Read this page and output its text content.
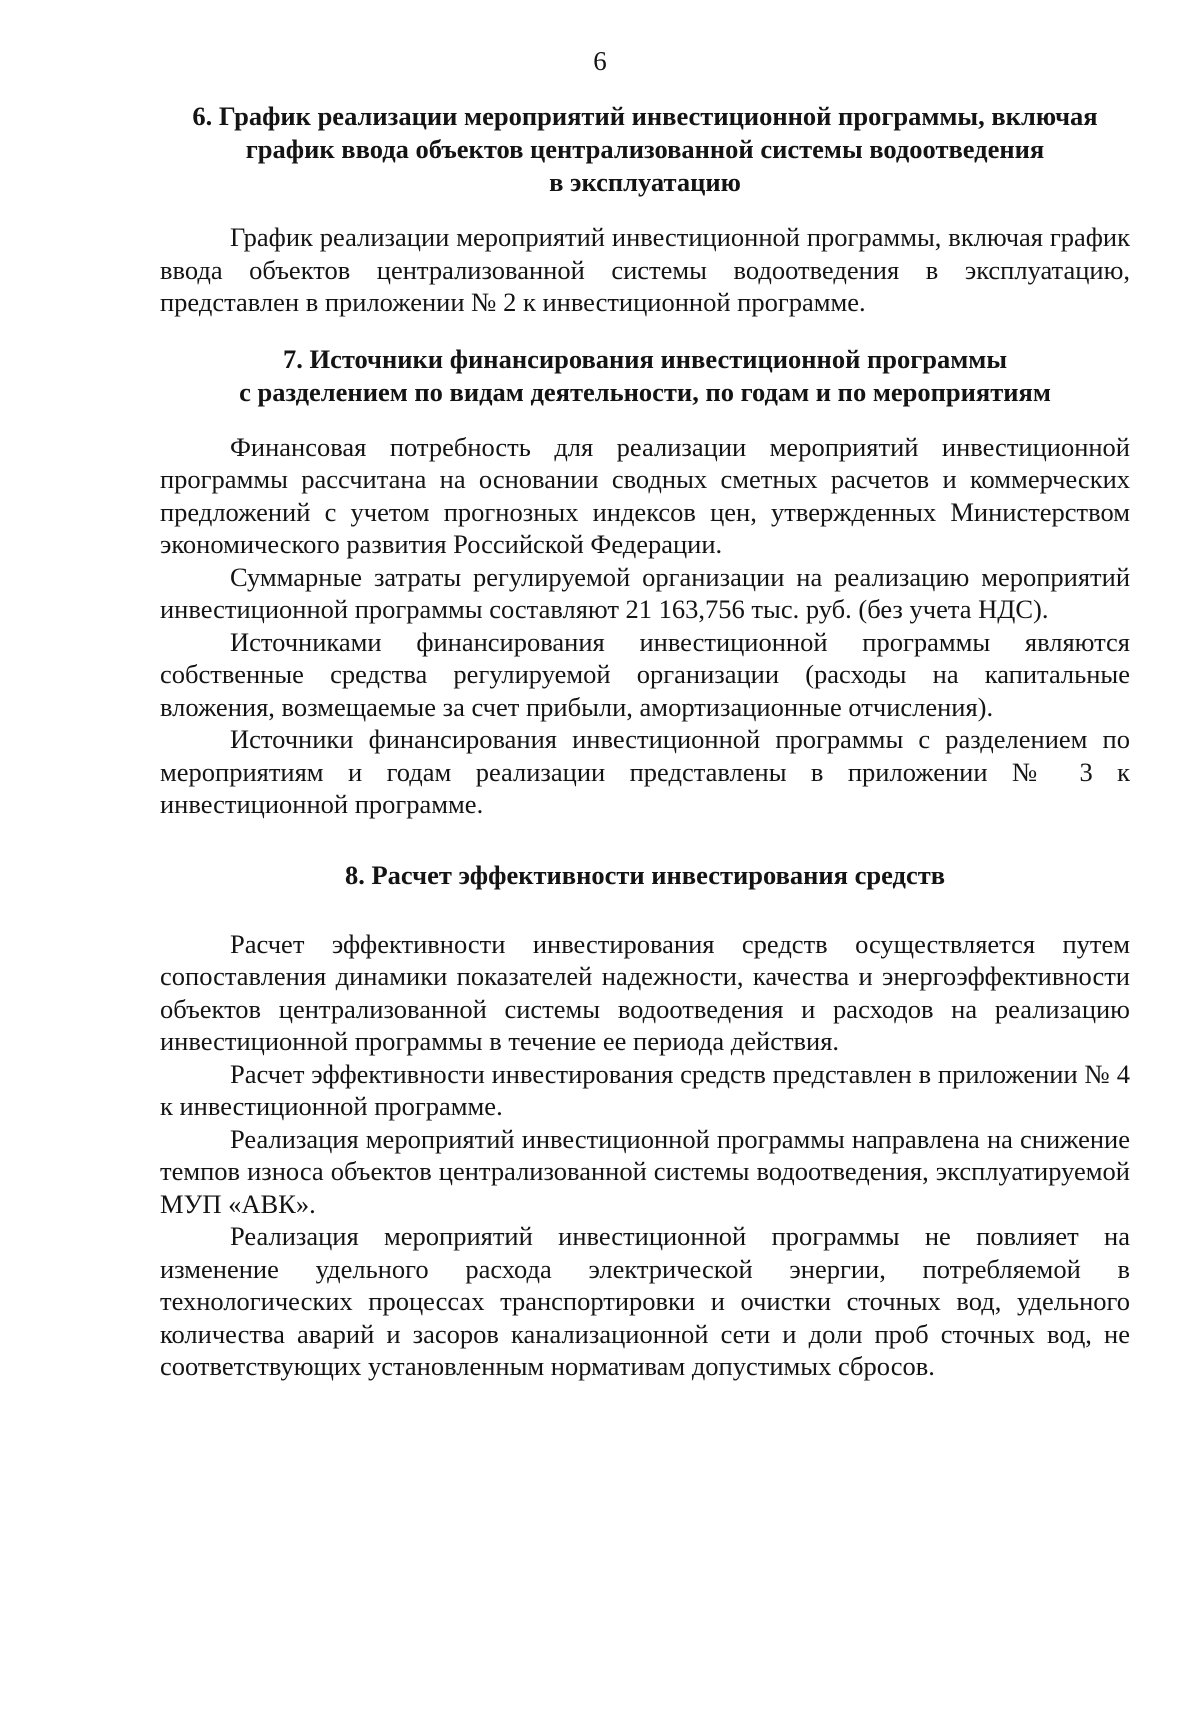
6
6. График реализации мероприятий инвестиционной программы, включая
график ввода объектов централизованной системы водоотведения
в эксплуатацию

График реализации мероприятий инвестиционной программы, включая график ввода объектов централизованной системы водоотведения в эксплуатацию, представлен в приложении № 2 к инвестиционной программе.

7. Источники финансирования инвестиционной программы
с разделением по видам деятельности, по годам и по мероприятиям

Финансовая потребность для реализации мероприятий инвестиционной программы рассчитана на основании сводных сметных расчетов и коммерческих предложений с учетом прогнозных индексов цен, утвержденных Министерством экономического развития Российской Федерации.

Суммарные затраты регулируемой организации на реализацию мероприятий инвестиционной программы составляют 21 163,756 тыс. руб. (без учета НДС).

Источниками финансирования инвестиционной программы являются собственные средства регулируемой организации (расходы на капитальные вложения, возмещаемые за счет прибыли, амортизационные отчисления).

Источники финансирования инвестиционной программы с разделением по мероприятиям и годам реализации представлены в приложении № 3 к инвестиционной программе.

8. Расчет эффективности инвестирования средств

Расчет эффективности инвестирования средств осуществляется путем сопоставления динамики показателей надежности, качества и энергоэффективности объектов централизованной системы водоотведения и расходов на реализацию инвестиционной программы в течение ее периода действия.

Расчет эффективности инвестирования средств представлен в приложении № 4 к инвестиционной программе.

Реализация мероприятий инвестиционной программы направлена на снижение темпов износа объектов централизованной системы водоотведения, эксплуатируемой МУП «АВК».

Реализация мероприятий инвестиционной программы не повлияет на изменение удельного расхода электрической энергии, потребляемой в технологических процессах транспортировки и очистки сточных вод, удельного количества аварий и засоров канализационной сети и доли проб сточных вод, не соответствующих установленным нормативам допустимых сбросов.
